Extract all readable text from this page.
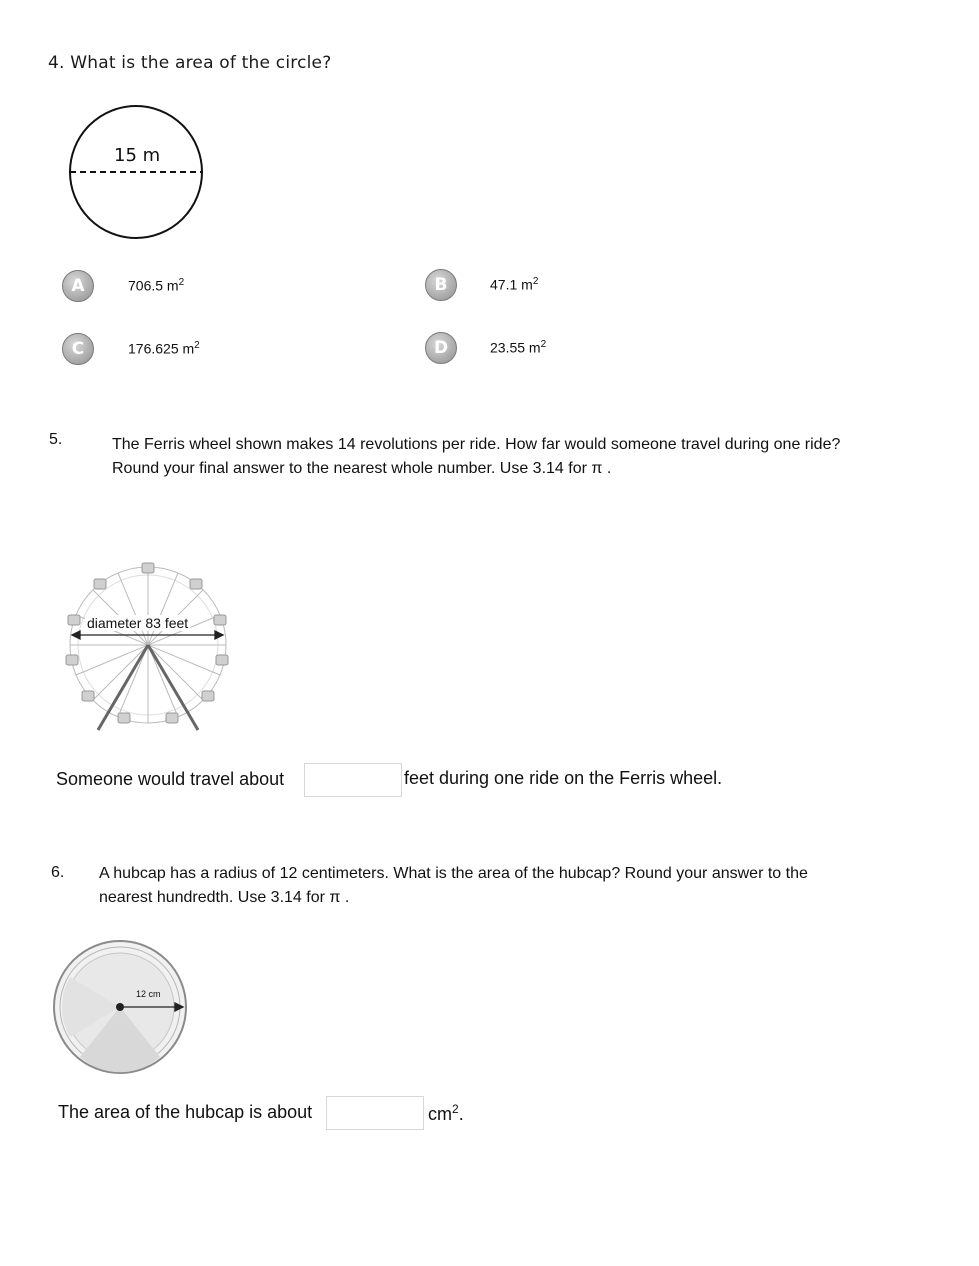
4. What is the area of the circle?
15 m
A	706.5 $m^2$	B	47.1 $m^2$
C	176.625 $m^2$	D	23.55 $m^2$
5.	The Ferris wheel shown makes 14 revolutions per ride. How far would someone travel during one ride?
Round your final answer to the nearest whole number. Use 3.14 for π .
diameter 83 feet
Someone would travel about	feet during one ride on the Ferris wheel.
6. A hubcap has a radius of 12 centimeters. What is the area of the hubcap? Round your answer to the
nearest hundredth. Use 3.14 for π .
12 cm
The area of the hubcap is about	$cm^2$.
